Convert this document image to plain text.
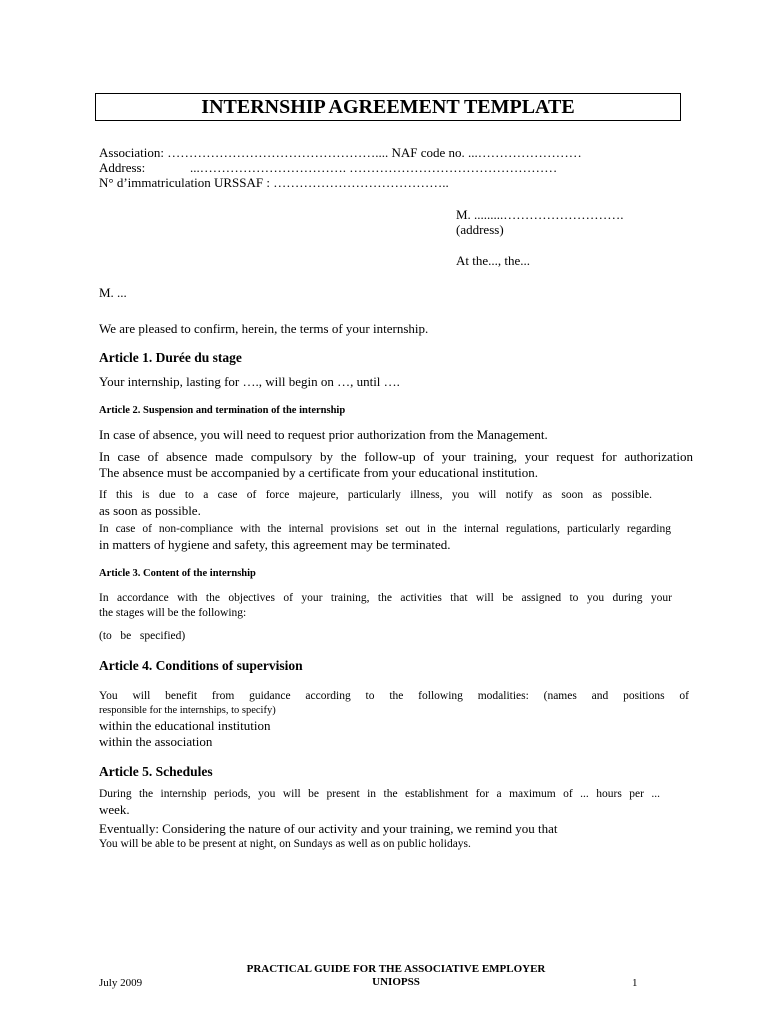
INTERNSHIP AGREEMENT TEMPLATE
Association: ………………………………………….... NAF code no. ...……………………
Address:	...……………………………. …………………………………………
N° d’immatriculation URSSAF : …………………………………..
M. .........……………………….
(address)
At the..., the...
M. ...
We are pleased to confirm, herein, the terms of your internship.
Article 1. Durée du stage
Your internship, lasting for …., will begin on …, until ….
Article 2. Suspension and termination of the internship
In case of absence, you will need to request prior authorization from the Management.
In case of absence made compulsory by the follow-up of your training, your request for authorization
The absence must be accompanied by a certificate from your educational institution.
If this is due to a case of force majeure, particularly illness, you will notify as soon as possible.
as soon as possible.
In case of non-compliance with the internal provisions set out in the internal regulations, particularly regarding
in matters of hygiene and safety, this agreement may be terminated.
Article 3. Content of the internship
In accordance with the objectives of your training, the activities that will be assigned to you during your
the stages will be the following:
(to   be   specified)
Article 4. Conditions of supervision
You will benefit from guidance according to the following modalities: (names and positions of
responsible for the internships, to specify)
within the educational institution
within the association
Article 5. Schedules
During the internship periods, you will be present in the establishment for a maximum of ... hours per ...
week.
Eventually: Considering the nature of our activity and your training, we remind you that
You will be able to be present at night, on Sundays as well as on public holidays.
PRACTICAL GUIDE FOR THE ASSOCIATIVE EMPLOYER
UNIOPSS
July 2009	1
